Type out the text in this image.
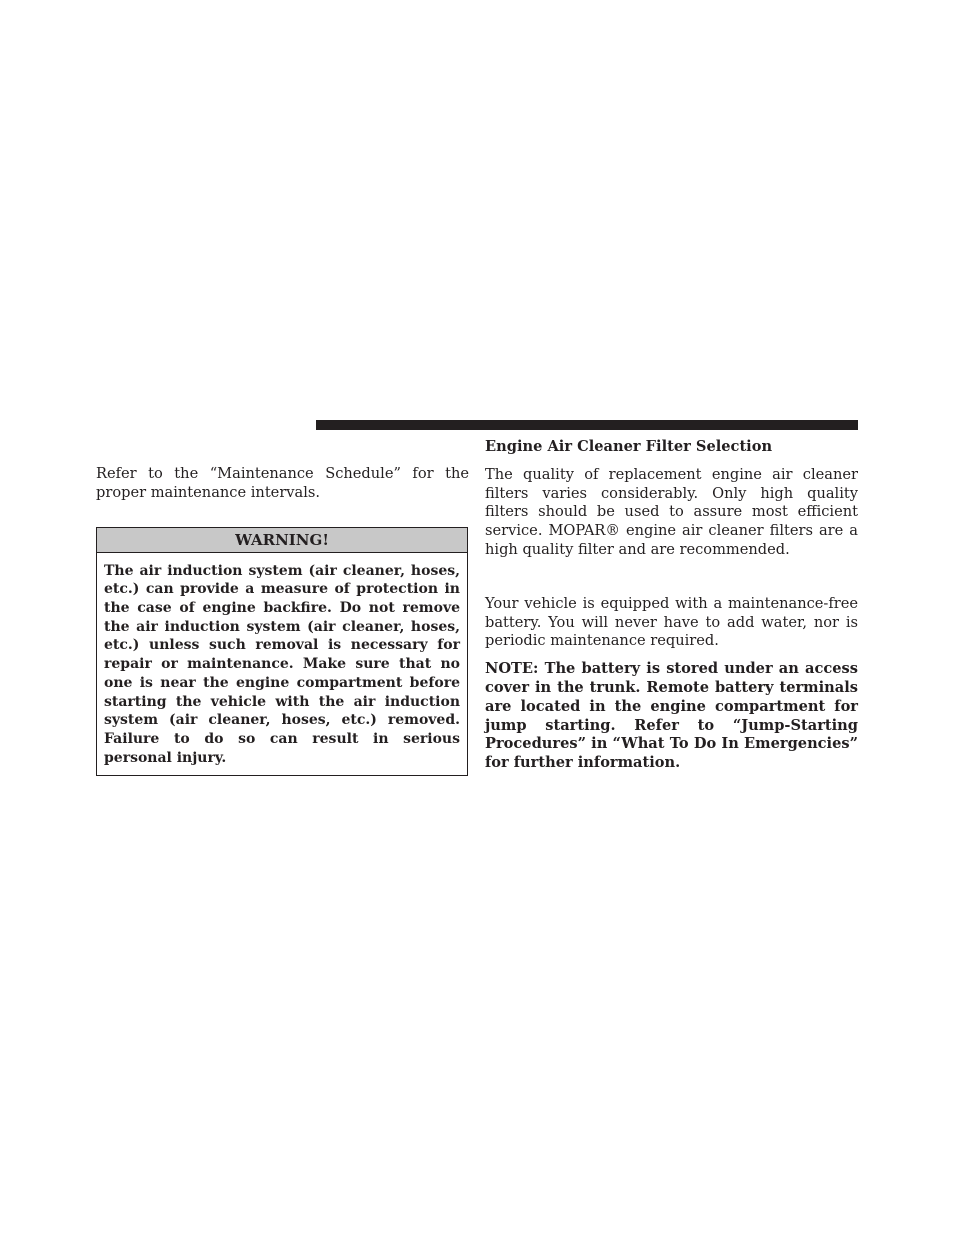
Refer to the “Maintenance Schedule” for the proper maintenance intervals.

WARNING!
The air induction system (air cleaner, hoses, etc.) can provide a measure of protection in the case of engine backfire. Do not remove the air induction system (air cleaner, hoses, etc.) unless such removal is necessary for repair or maintenance. Make sure that no one is near the engine compartment before starting the vehicle with the air induction system (air cleaner, hoses, etc.) removed. Failure to do so can result in serious personal injury.
Engine Air Cleaner Filter Selection

The quality of replacement engine air cleaner filters varies considerably. Only high quality filters should be used to assure most efficient service. MOPAR® engine air cleaner filters are a high quality filter and are recommended.

Your vehicle is equipped with a maintenance-free battery. You will never have to add water, nor is periodic maintenance required.

NOTE: The battery is stored under an access cover in the trunk. Remote battery terminals are located in the engine compartment for jump starting. Refer to “Jump-Starting Procedures” in “What To Do In Emergencies” for further information.
